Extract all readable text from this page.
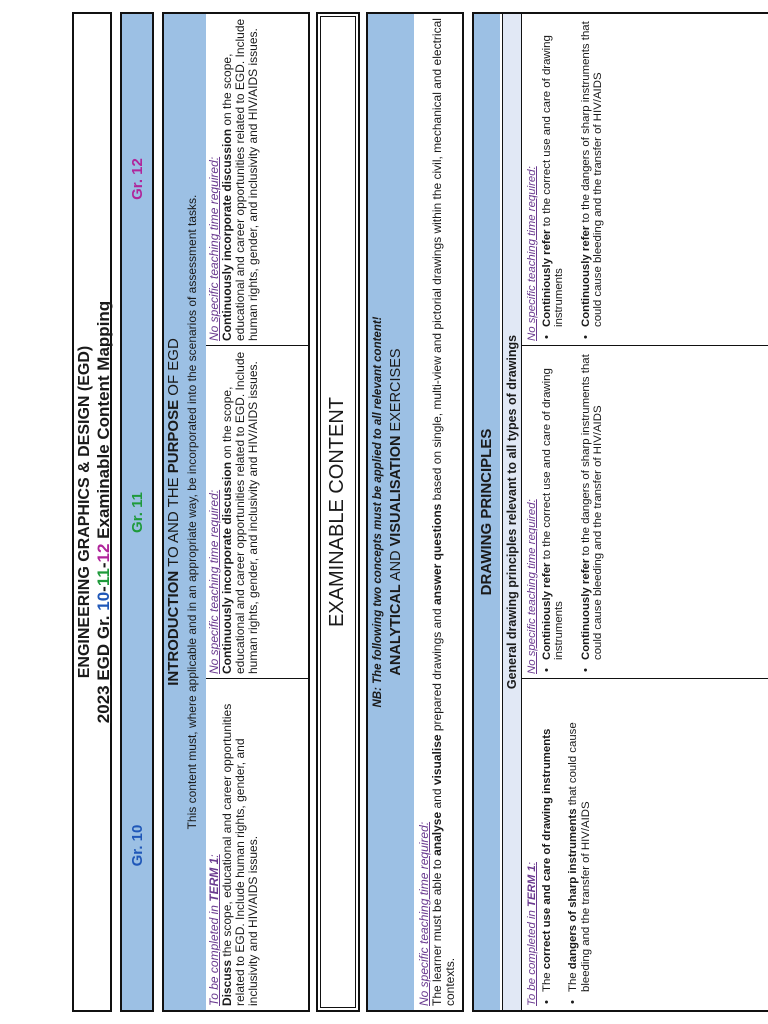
ENGINEERING GRAPHICS & DESIGN (EGD)
2023 EGD Gr. 10-11-12 Examinable Content Mapping
Gr. 10
Gr. 11
Gr. 12
INTRODUCTION TO AND THE PURPOSE OF EGD This content must, where applicable and in an appropriate way, be incorporated into the scenarios of assessment tasks.
To be completed in TERM 1:
Discuss the scope, educational and career opportunities related to EGD. Include human rights, gender, and inclusivity and HIV/AIDS issues.
No specific teaching time required: Continuously incorporate discussion on the scope, educational and career opportunities related to EGD. Include human rights, gender, and inclusivity and HIV/AIDS issues.
No specific teaching time required: Continuously incorporate discussion on the scope, educational and career opportunities related to EGD. Include human rights, gender, and inclusivity and HIV/AIDS issues.
EXAMINABLE CONTENT NB: The following two concepts must be applied to all relevant content! ANALYTICAL AND VISUALISATION EXERCISES
No specific teaching time required: The learner must be able to analyse and visualise prepared drawings and answer questions based on single, multi-view and pictorial drawings within the civil, mechanical and electrical contexts.
DRAWING PRINCIPLES General drawing principles relevant to all types of drawings
To be completed in TERM 1:
• The correct use and care of drawing instruments
• The dangers of sharp instruments that could cause bleeding and the transfer of HIV/AIDS
No specific teaching time required: • Continiously refer to the correct use and care of drawing instruments • Continuously refer to the dangers of sharp instruments that could cause bleeding and the transfer of HIV/AIDS
No specific teaching time required: • Continiously refer to the correct use and care of drawing instruments • Continuously refer to the dangers of sharp instruments that could cause bleeding and the transfer of HIV/AIDS
